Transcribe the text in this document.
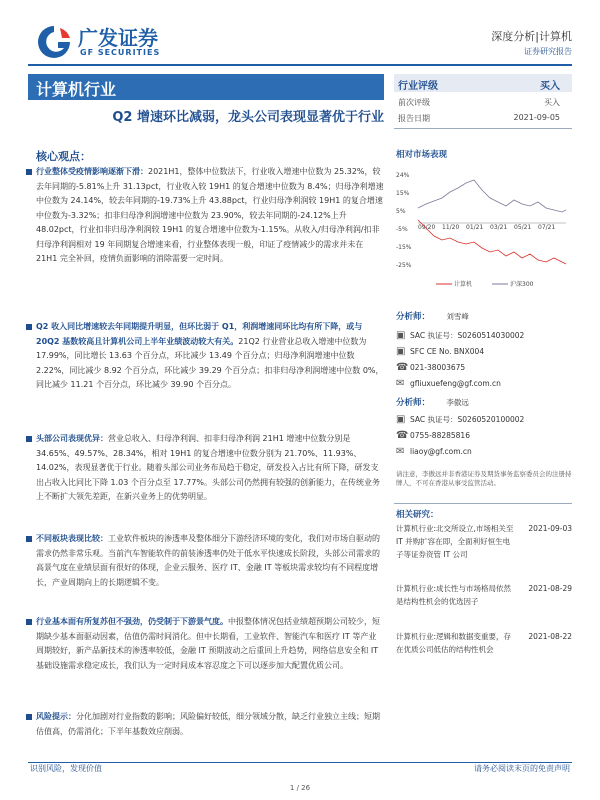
广发证券
GF SECURITIES
深度分析|计算机
证券研究报告
计算机行业
Q2 增速环比减弱，龙头公司表现显著优于行业
行业评级	买入
前次评级	买入
报告日期	2021-09-05
相对市场表现
24%
15%
5%
-5%
-15%
-25%
09/20 11/20 01/21 03/21 05/21 07/21
计算机	沪深300
核心观点：
行业整体受疫情影响逐渐下滑：2021H1，整体中位数法下，行业收入增速中位数为 25.32%，较去年同期的-5.81%上升 31.13pct，行业收入较 19H1 的复合增速中位数为 8.4%；归母净利增速中位数为 24.14%，较去年同期的-19.73%上升 43.88pct，行业归母净利润较 19H1 的复合增速中位数为-3.32%；扣非归母净利润增速中位数为 23.90%，较去年同期的-24.12%上升 48.02pct，行业扣非归母净利润较 19H1 的复合增速中位数为-1.15%。从收入/归母净利润/扣非归母净利润相对 19 年同期复合增速来看，行业整体表现一般，印证了疫情减少的需求并未在 21H1 完全补回，疫情负面影响的消除需要一定时间。
Q2 收入同比增速较去年同期提升明显，但环比弱于 Q1，利润增速同环比均有所下降，或与 20Q2 基数较高且计算机公司上半年业绩波动较大有关。21Q2 行业营业总收入增速中位数为 17.99%，同比增长 13.63 个百分点，环比减少 13.49 个百分点；归母净利润增速中位数 2.22%，同比减少 8.92 个百分点，环比减少 39.29 个百分点；扣非归母净利润增速中位数 0%，同比减少 11.21 个百分点，环比减少 39.90 个百分点。
头部公司表现优异：营业总收入、归母净利润、扣非归母净利润 21H1 增速中位数分别是 34.65%、49.57%、28.34%，相对 19H1 的复合增速中位数分别为 21.70%、11.93%、14.02%，表现显著优于行业。随着头部公司业务布局趋于稳定，研发投入占比有所下降，研发支出占收入比同比下降 1.03 个百分点至 17.77%。头部公司仍然拥有较强的创新能力，在传统业务上不断扩大领先差距，在新兴业务上的优势明显。
不同板块表现比较：工业软件板块的渗透率及整体细分下游经济环境的变化，我们对市场自驱动的需求仍然非常乐观。当前汽车智能软件的前装渗透率仍处于低水平快速成长阶段，头部公司需求的高景气度在业绩层面有很好的体现，企业云服务、医疗 IT、金融 IT 等板块需求较均有不同程度增长，产业周期向上的长期逻辑不变。
行业基本面有所复苏但不强劲，仍受制于下游景气度。中报整体情况包括业绩超预期公司较少，短期缺少基本面驱动因素，估值仍需时间消化。但中长期看，工业软件、智能汽车和医疗 IT 等产业周期较好，新产品新技术的渗透率较低，金融 IT 预期波动之后重回上升趋势，网络信息安全和 IT 基础设施需求稳定成长，我们认为一定时间成本容忍度之下可以逐步加大配置优质公司。
风险提示：分化加剧对行业指数的影响；风险偏好较低，细分领域分散，缺乏行业独立主线；短期估值高，仍需消化；下半年基数效应削弱。
分析师： 刘雪峰
▣ SAC 执证号：S0260514030002
▣ SFC CE No. BNX004
☎ 021-38003675
✉ gfliuxuefeng@gf.com.cn
分析师： 李傲远
▣ SAC 执证号：S0260520100002
☎ 0755-88285816
✉ liaoy@gf.com.cn
请注意，李傲远并非香港证券及期货事务监察委员会的注册持牌人，不可在香港从事受监管活动。
相关研究：
计算机行业:北交所设立,市场相关至 IT 并购扩容在即，全面利好恒生电子等证券资管 IT 公司
2021-09-03
计算机行业:成长性与市场格局依然是结构性机会的优选因子
2021-08-29
计算机行业:逻辑和数据变重要，存在优质公司低估的结构性机会
2021-08-22
识别风险，发现价值	请务必阅读末页的免责声明
1 / 26
